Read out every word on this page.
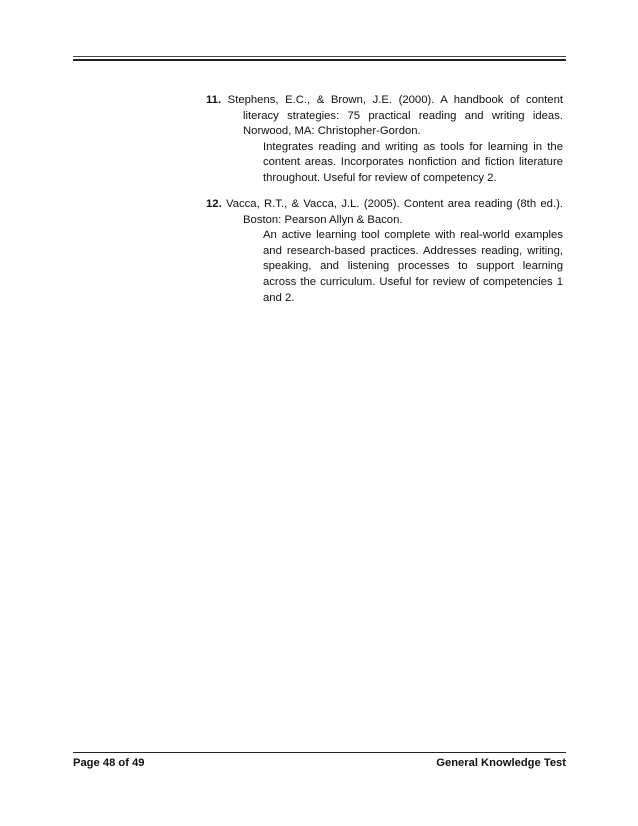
11. Stephens, E.C., & Brown, J.E. (2000). A handbook of content literacy strategies: 75 practical reading and writing ideas. Norwood, MA: Christopher-Gordon.

Integrates reading and writing as tools for learning in the content areas. Incorporates nonfiction and fiction literature throughout. Useful for review of competency 2.

12. Vacca, R.T., & Vacca, J.L. (2005). Content area reading (8th ed.). Boston: Pearson Allyn & Bacon.

An active learning tool complete with real-world examples and research-based practices. Addresses reading, writing, speaking, and listening processes to support learning across the curriculum. Useful for review of competencies 1 and 2.

Page 48 of 49	General Knowledge Test
